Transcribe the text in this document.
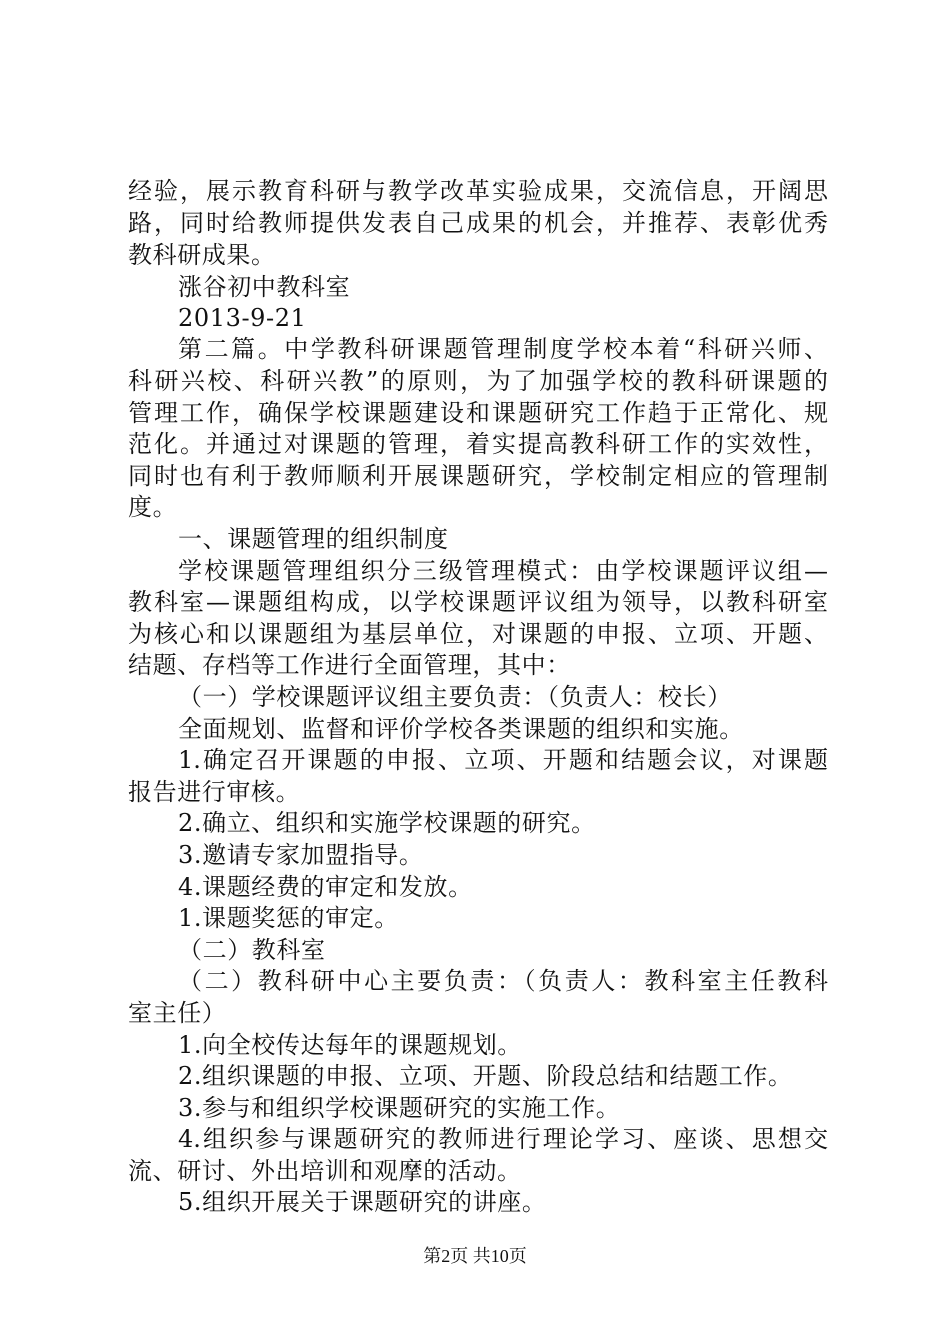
经验，展示教育科研与教学改革实验成果，交流信息，开阔思
路，同时给教师提供发表自己成果的机会，并推荐、表彰优秀
教科研成果。
涨谷初中教科室
2013-9-21
第二篇。中学教科研课题管理制度学校本着“科研兴师、
科研兴校、科研兴教”的原则，为了加强学校的教科研课题的
管理工作，确保学校课题建设和课题研究工作趋于正常化、规
范化。并通过对课题的管理，着实提高教科研工作的实效性，
同时也有利于教师顺利开展课题研究，学校制定相应的管理制
度。
一、课题管理的组织制度
学校课题管理组织分三级管理模式：由学校课题评议组—
教科室—课题组构成，以学校课题评议组为领导，以教科研室
为核心和以课题组为基层单位，对课题的申报、立项、开题、
结题、存档等工作进行全面管理，其中：
（一）学校课题评议组主要负责：（负责人：校长）
全面规划、监督和评价学校各类课题的组织和实施。
1.确定召开课题的申报、立项、开题和结题会议，对课题
报告进行审核。
2.确立、组织和实施学校课题的研究。
3.邀请专家加盟指导。
4.课题经费的审定和发放。
1.课题奖惩的审定。
（二）教科室
（二）教科研中心主要负责：（负责人：教科室主任教科
室主任）
1.向全校传达每年的课题规划。
2.组织课题的申报、立项、开题、阶段总结和结题工作。
3.参与和组织学校课题研究的实施工作。
4.组织参与课题研究的教师进行理论学习、座谈、思想交
流、研讨、外出培训和观摩的活动。
5.组织开展关于课题研究的讲座。
第2页 共10页
